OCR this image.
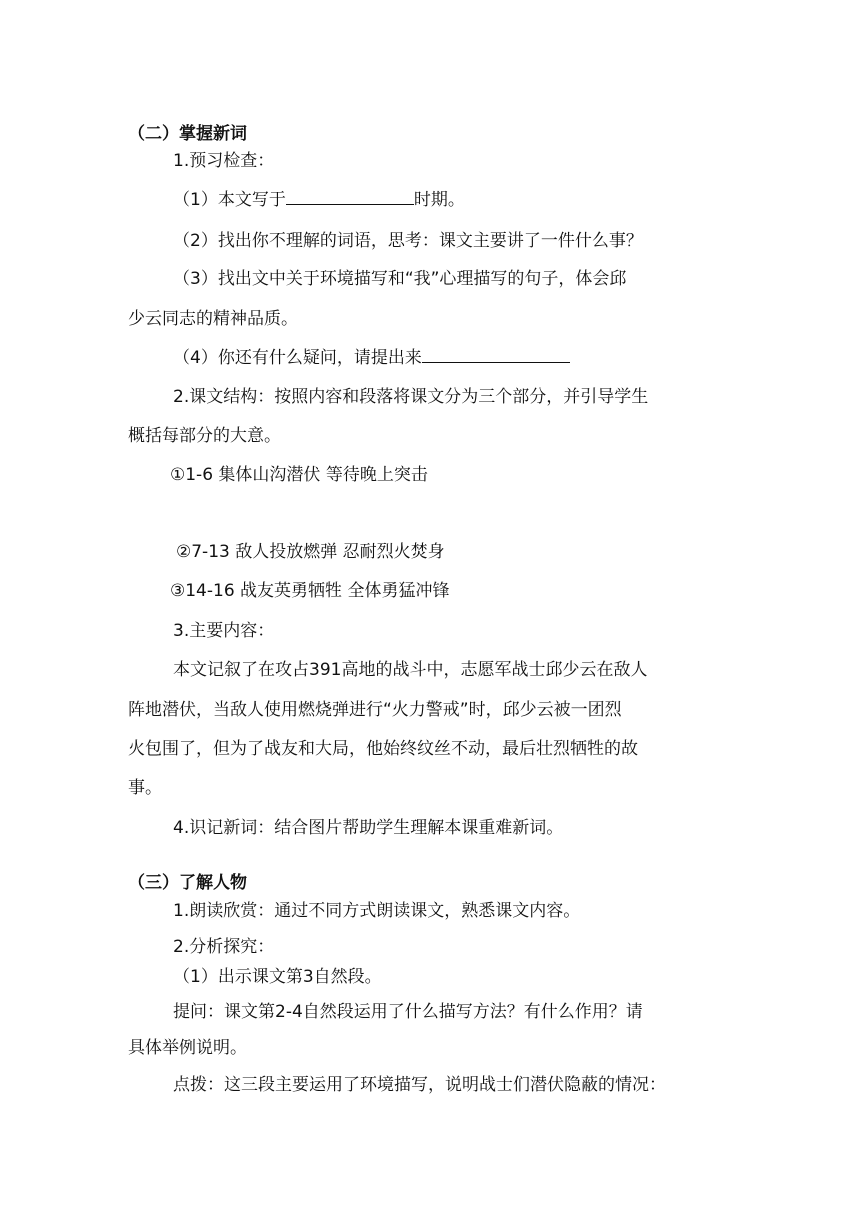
（二）掌握新词
1.预习检查：
（1）本文写于	时期。
（2）找出你不理解的词语，思考：课文主要讲了一件什么事？
（3）找出文中关于环境描写和“我”心理描写的句子，体会邱
少云同志的精神品质。
（4）你还有什么疑问，请提出来
2.课文结构：按照内容和段落将课文分为三个部分，并引导学生
概括每部分的大意。
①1-6 集体山沟潜伏 等待晚上突击
②7-13 敌人投放燃弹 忍耐烈火焚身
③14-16 战友英勇牺牲 全体勇猛冲锋
3.主要内容：
本文记叙了在攻占391高地的战斗中，志愿军战士邱少云在敌人
阵地潜伏，当敌人使用燃烧弹进行“火力警戒”时，邱少云被一团烈
火包围了，但为了战友和大局，他始终纹丝不动，最后壮烈牺牲的故
事。
4.识记新词：结合图片帮助学生理解本课重难新词。
（三）了解人物
1.朗读欣赏：通过不同方式朗读课文，熟悉课文内容。
2.分析探究：
（1）出示课文第3自然段。
提问：课文第2-4自然段运用了什么描写方法？有什么作用？请
具体举例说明。
点拨：这三段主要运用了环境描写，说明战士们潜伏隐蔽的情况：
